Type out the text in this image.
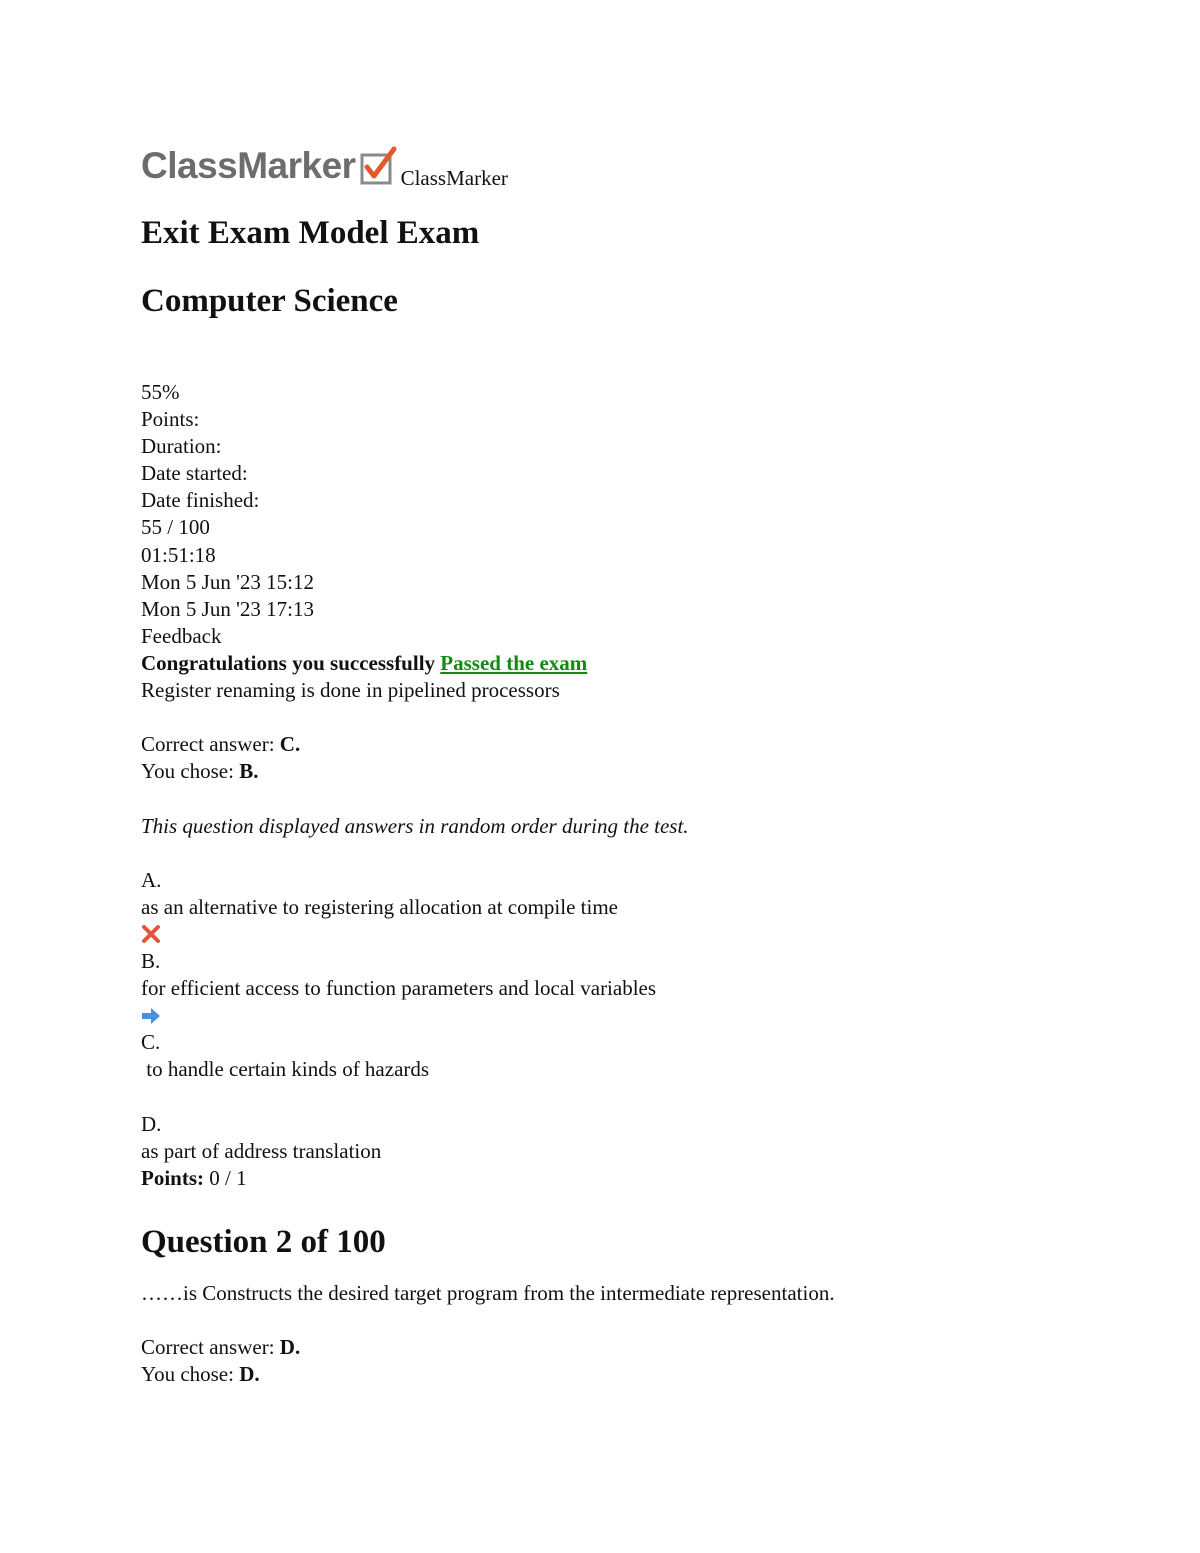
ClassMarker ClassMarker
Exit Exam Model Exam
Computer Science
55%
Points:
Duration:
Date started:
Date finished:
55 / 100
01:51:18
Mon 5 Jun '23 15:12
Mon 5 Jun '23 17:13
Feedback
Congratulations you successfully Passed the exam
Register renaming is done in pipelined processors
Correct answer: C.
You chose: B.
This question displayed answers in random order during the test.
A.
as an alternative to registering allocation at compile time
B.
for efficient access to function parameters and local variables
C.
to handle certain kinds of hazards
D.
as part of address translation
Points: 0 / 1
Question 2 of 100
……is Constructs the desired target program from the intermediate representation.
Correct answer: D.
You chose: D.
